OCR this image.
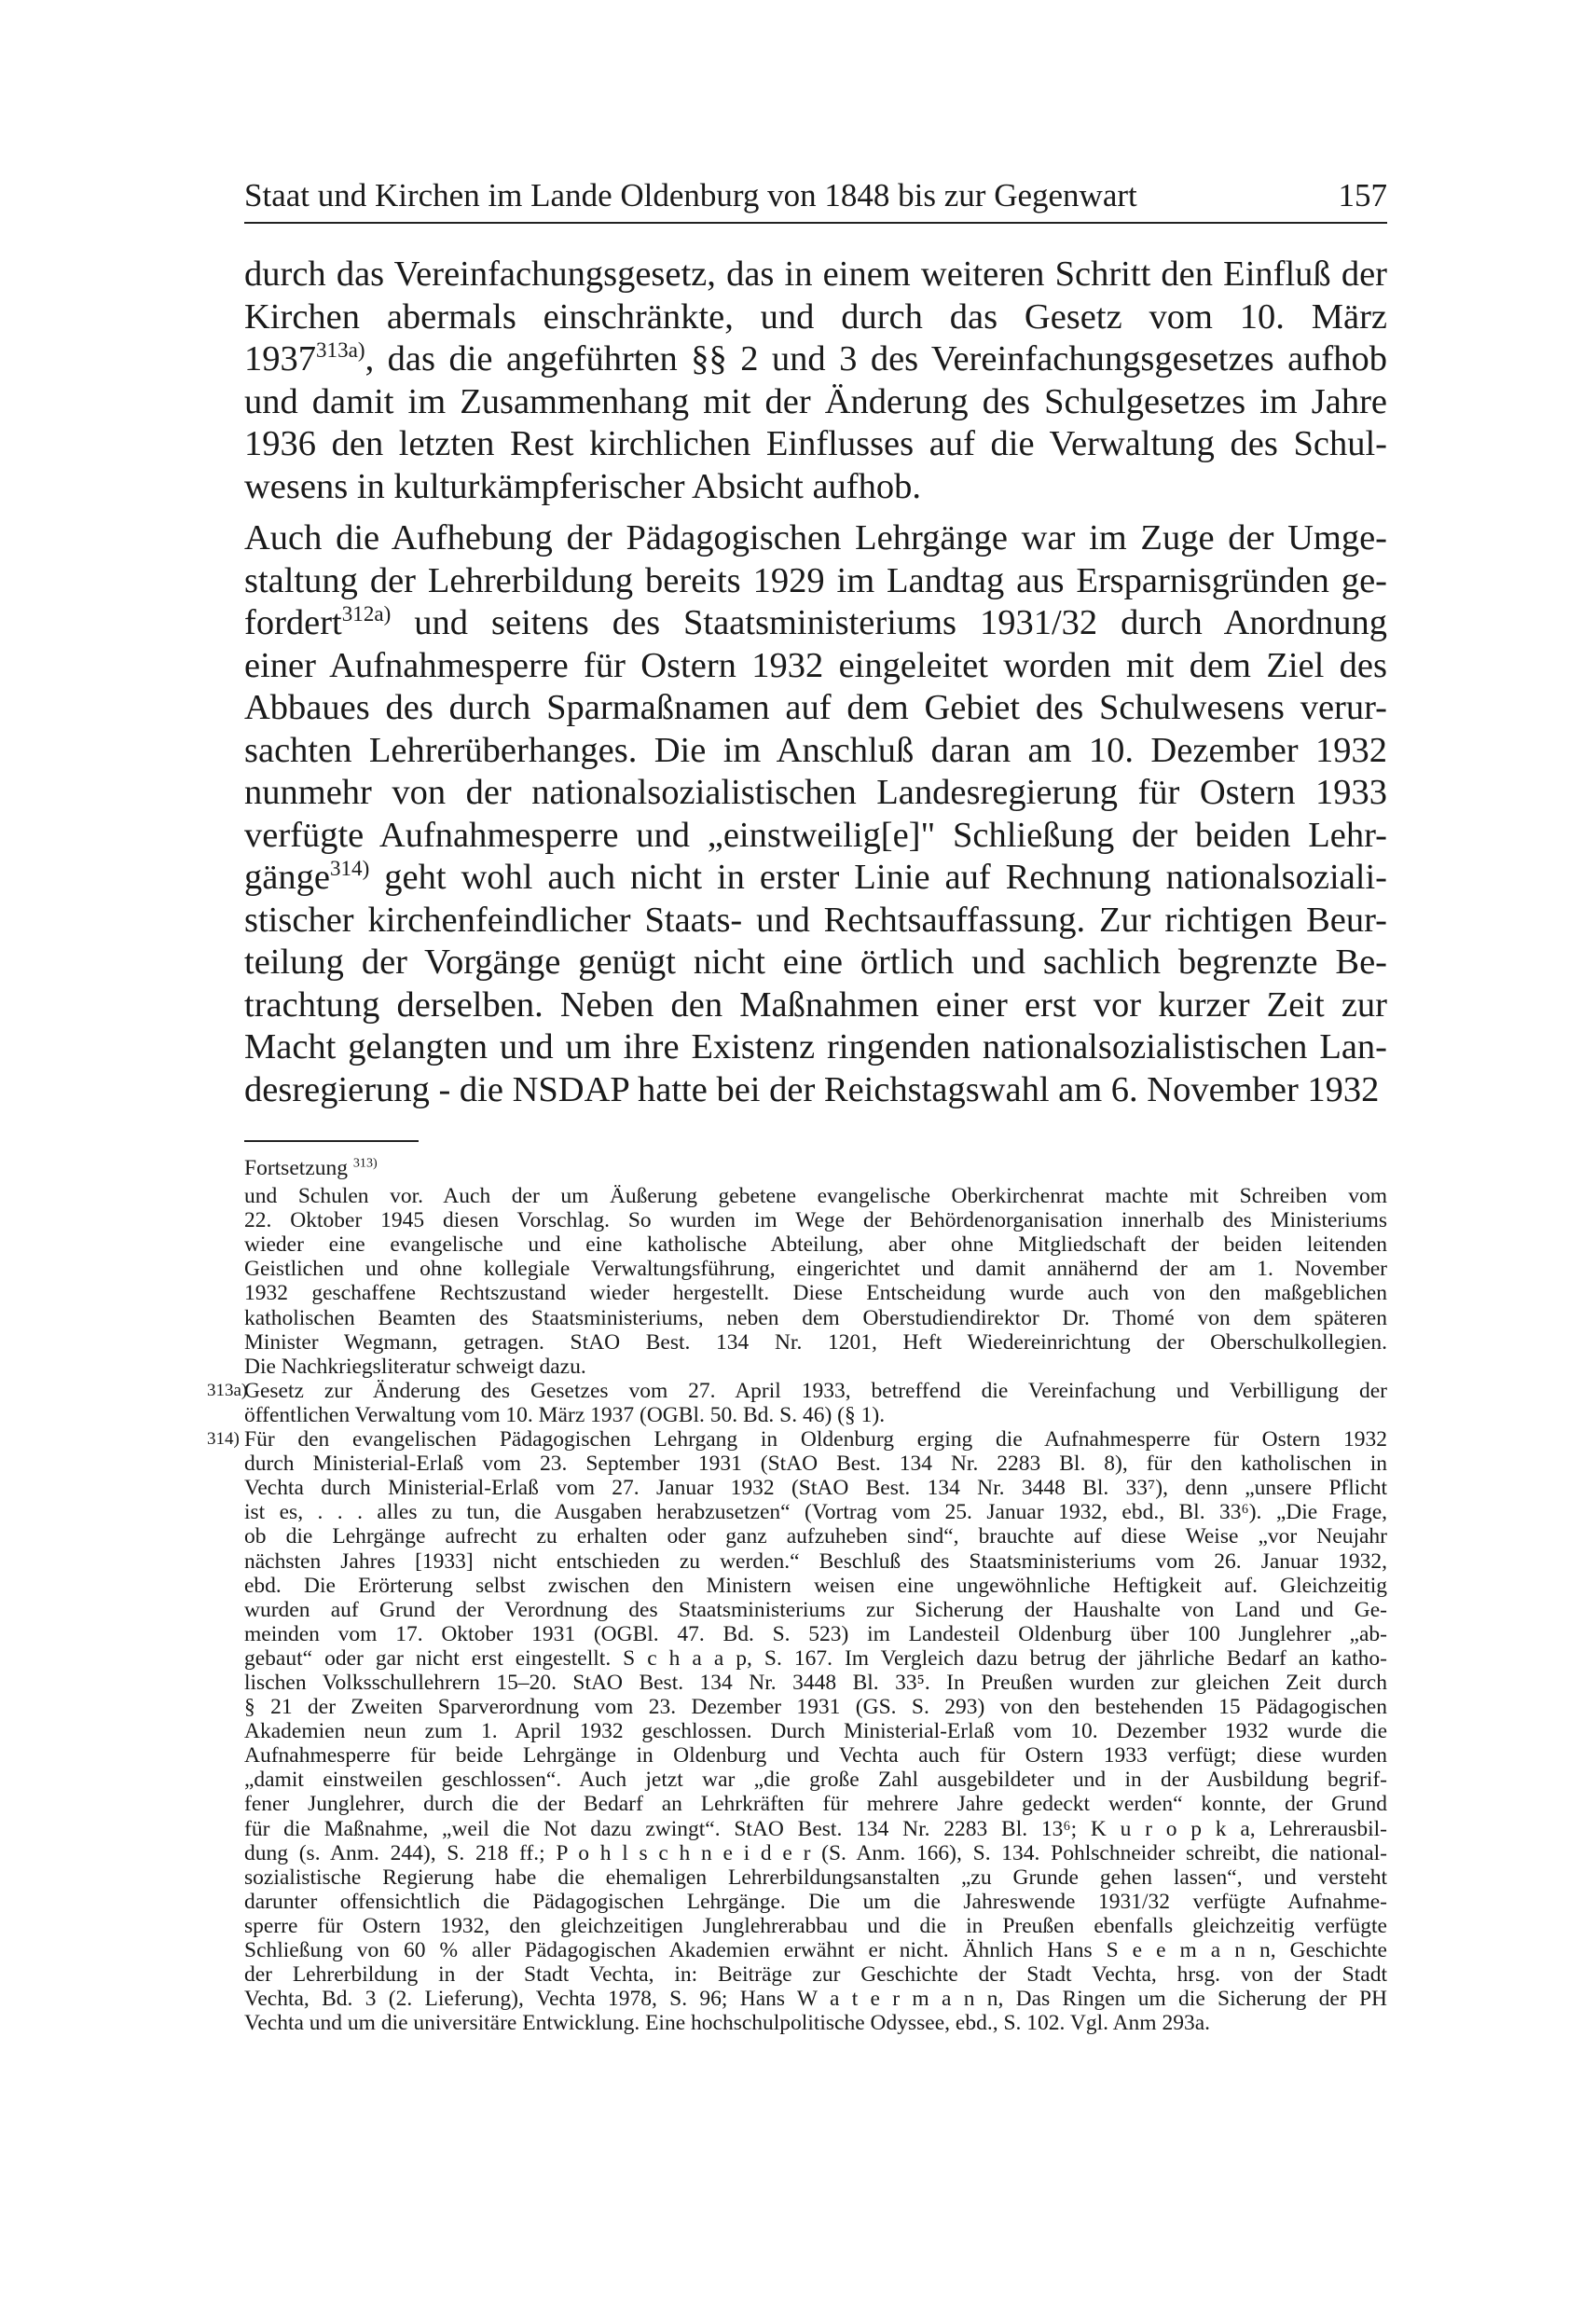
Staat und Kirchen im Lande Oldenburg von 1848 bis zur Gegenwart	157
durch das Vereinfachungsgesetz, das in einem weiteren Schritt den Einfluß der
Kirchen abermals einschränkte, und durch das Gesetz vom 10. März
1937$^{313a)}$, das die angeführten §§ 2 und 3 des Vereinfachungsgesetzes aufhob
und damit im Zusammenhang mit der Änderung des Schulgesetzes im Jahre
1936 den letzten Rest kirchlichen Einflusses auf die Verwaltung des Schul-
wesens in kulturkämpferischer Absicht aufhob.
Auch die Aufhebung der Pädagogischen Lehrgänge war im Zuge der Umge-
staltung der Lehrerbildung bereits 1929 im Landtag aus Ersparnisgründen ge-
fordert$^{312a)}$ und seitens des Staatsministeriums 1931/32 durch Anordnung
einer Aufnahmesperre für Ostern 1932 eingeleitet worden mit dem Ziel des
Abbaues des durch Sparmaßnamen auf dem Gebiet des Schulwesens verur-
sachten Lehrerüberhanges. Die im Anschluß daran am 10. Dezember 1932
nunmehr von der nationalsozialistischen Landesregierung für Ostern 1933
verfügte Aufnahmesperre und „einstweilig[e]" Schließung der beiden Lehr-
gänge$^{314)}$ geht wohl auch nicht in erster Linie auf Rechnung nationalsoziali-
stischer kirchenfeindlicher Staats- und Rechtsauffassung. Zur richtigen Beur-
teilung der Vorgänge genügt nicht eine örtlich und sachlich begrenzte Be-
trachtung derselben. Neben den Maßnahmen einer erst vor kurzer Zeit zur
Macht gelangten und um ihre Existenz ringenden nationalsozialistischen Lan-
desregierung - die NSDAP hatte bei der Reichstagswahl am 6. November 1932
Fortsetzung $^{313)}$
und Schulen vor. Auch der um Äußerung gebetene evangelische Oberkirchenrat machte mit Schreiben vom
22. Oktober 1945 diesen Vorschlag. So wurden im Wege der Behördenorganisation innerhalb des Ministeriums
wieder eine evangelische und eine katholische Abteilung, aber ohne Mitgliedschaft der beiden leitenden
Geistlichen und ohne kollegiale Verwaltungsführung, eingerichtet und damit annähernd der am 1. November
1932 geschaffene Rechtszustand wieder hergestellt. Diese Entscheidung wurde auch von den maßgeblichen
katholischen Beamten des Staatsministeriums, neben dem Oberstudiendirektor Dr. Thomé von dem späteren
Minister Wegmann, getragen. StAO Best. 134 Nr. 1201, Heft Wiedereinrichtung der Oberschulkollegien.
Die Nachkriegsliteratur schweigt dazu.
313a)
Gesetz zur Änderung des Gesetzes vom 27. April 1933, betreffend die Vereinfachung und Verbilligung der
öffentlichen Verwaltung vom 10. März 1937 (OGBl. 50. Bd. S. 46) (§ 1).
314) Für den evangelischen Pädagogischen Lehrgang in Oldenburg erging die Aufnahmesperre für Ostern 1932
durch Ministerial-Erlaß vom 23. September 1931 (StAO Best. 134 Nr. 2283 Bl. 8), für den katholischen in
Vechta durch Ministerial-Erlaß vom 27. Januar 1932 (StAO Best. 134 Nr. 3448 Bl. 33⁷), denn „unsere Pflicht
ist es, . . . alles zu tun, die Ausgaben herabzusetzen“ (Vortrag vom 25. Januar 1932, ebd., Bl. 33⁶). „Die Frage,
ob die Lehrgänge aufrecht zu erhalten oder ganz aufzuheben sind“, brauchte auf diese Weise „vor Neujahr
nächsten Jahres [1933] nicht entschieden zu werden.“ Beschluß des Staatsministeriums vom 26. Januar 1932,
ebd. Die Erörterung selbst zwischen den Ministern weisen eine ungewöhnliche Heftigkeit auf. Gleichzeitig
wurden auf Grund der Verordnung des Staatsministeriums zur Sicherung der Haushalte von Land und Ge-
meinden vom 17. Oktober 1931 (OGBl. 47. Bd. S. 523) im Landesteil Oldenburg über 100 Junglehrer „ab-
gebaut“ oder gar nicht erst eingestellt. S c h a a p, S. 167. Im Vergleich dazu betrug der jährliche Bedarf an katho-
lischen Volksschullehrern 15–20. StAO Best. 134 Nr. 3448 Bl. 33⁵. In Preußen wurden zur gleichen Zeit durch
§ 21 der Zweiten Sparverordnung vom 23. Dezember 1931 (GS. S. 293) von den bestehenden 15 Pädagogischen
Akademien neun zum 1. April 1932 geschlossen. Durch Ministerial-Erlaß vom 10. Dezember 1932 wurde die
Aufnahmesperre für beide Lehrgänge in Oldenburg und Vechta auch für Ostern 1933 verfügt; diese wurden
„damit einstweilen geschlossen“. Auch jetzt war „die große Zahl ausgebildeter und in der Ausbildung begrif-
fener Junglehrer, durch die der Bedarf an Lehrkräften für mehrere Jahre gedeckt werden“ konnte, der Grund
für die Maßnahme, „weil die Not dazu zwingt“. StAO Best. 134 Nr. 2283 Bl. 13⁶; K u r o p k a, Lehrerausbil-
dung (s. Anm. 244), S. 218 ff.; P o h l s c h n e i d e r (S. Anm. 166), S. 134. Pohlschneider schreibt, die national-
sozialistische Regierung habe die ehemaligen Lehrerbildungsanstalten „zu Grunde gehen lassen“, und versteht
darunter offensichtlich die Pädagogischen Lehrgänge. Die um die Jahreswende 1931/32 verfügte Aufnahme-
sperre für Ostern 1932, den gleichzeitigen Junglehrerabbau und die in Preußen ebenfalls gleichzeitig verfügte
Schließung von 60 % aller Pädagogischen Akademien erwähnt er nicht. Ähnlich Hans S e e m a n n, Geschichte
der Lehrerbildung in der Stadt Vechta, in: Beiträge zur Geschichte der Stadt Vechta, hrsg. von der Stadt
Vechta, Bd. 3 (2. Lieferung), Vechta 1978, S. 96; Hans W a t e r m a n n, Das Ringen um die Sicherung der PH
Vechta und um die universitäre Entwicklung. Eine hochschulpolitische Odyssee, ebd., S. 102. Vgl. Anm 293a.
